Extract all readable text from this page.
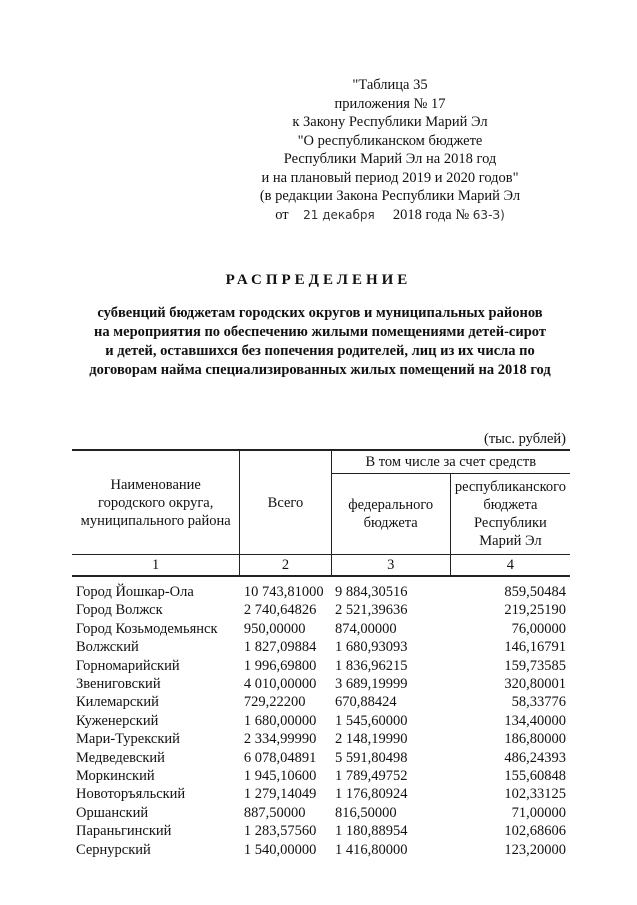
"Таблица 35
приложения № 17
к Закону Республики Марий Эл
"О республиканском бюджете
Республики Марий Эл на 2018 год
и на плановый период 2019 и 2020 годов"
(в редакции Закона Республики Марий Эл
от 21 декабря 2018 года № 63-З)
РАСПРЕДЕЛЕНИЕ
субвенций бюджетам городских округов и муниципальных районов
на мероприятия по обеспечению жилыми помещениями детей-сирот
и детей, оставшихся без попечения родителей, лиц из их числа по
договорам найма специализированных жилых помещений на 2018 год
(тыс. рублей)
Наименование городского округа, муниципального района	Всего	В том числе за счет средств	
		федерального бюджета	республиканского бюджета Республики Марий Эл
1	2	3	4
Город Йошкар-Ола	10 743,81000	9 884,30516	859,50484
Город Волжск	2 740,64826	2 521,39636	219,25190
Город Козьмодемьянск	950,00000	874,00000	76,00000
Волжский	1 827,09884	1 680,93093	146,16791
Горномарийский	1 996,69800	1 836,96215	159,73585
Звениговский	4 010,00000	3 689,19999	320,80001
Килемарский	729,22200	670,88424	58,33776
Куженерский	1 680,00000	1 545,60000	134,40000
Мари-Турекский	2 334,99990	2 148,19990	186,80000
Медведевский	6 078,04891	5 591,80498	486,24393
Моркинский	1 945,10600	1 789,49752	155,60848
Новоторъяльский	1 279,14049	1 176,80924	102,33125
Оршанский	887,50000	816,50000	71,00000
Параньгинский	1 283,57560	1 180,88954	102,68606
Сернурский	1 540,00000	1 416,80000	123,20000
